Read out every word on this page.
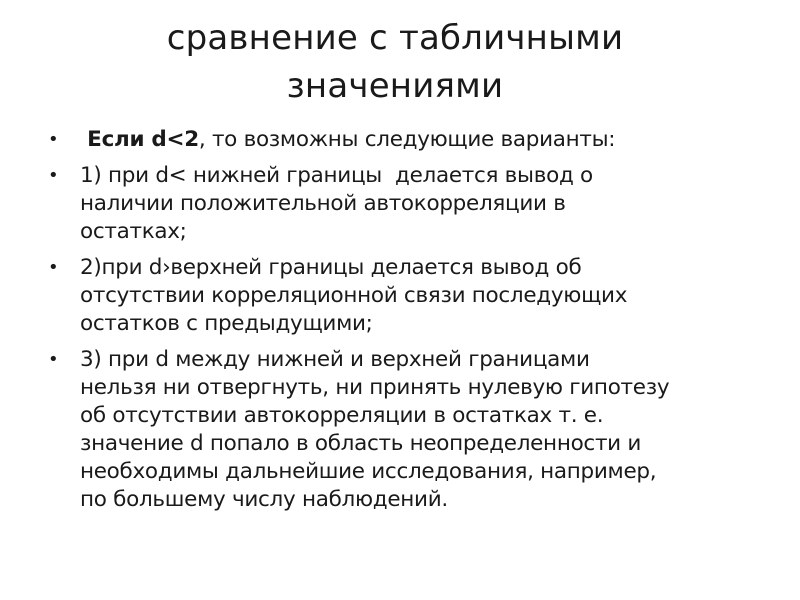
сравнение с табличными
значениями
• Если d<2, то возможны следующие варианты:
• 1) при d< нижней границы  делается вывод о
наличии положительной автокорреляции в
остатках;
• 2)при d›верхней границы делается вывод об
отсутствии корреляционной связи последующих
остатков с предыдущими;
• 3) при d между нижней и верхней границами
нельзя ни отвергнуть, ни принять нулевую гипотезу
об отсутствии автокорреляции в остатках т. е.
значение d попало в область неопределенности и
необходимы дальнейшие исследования, например,
по большему числу наблюдений.
